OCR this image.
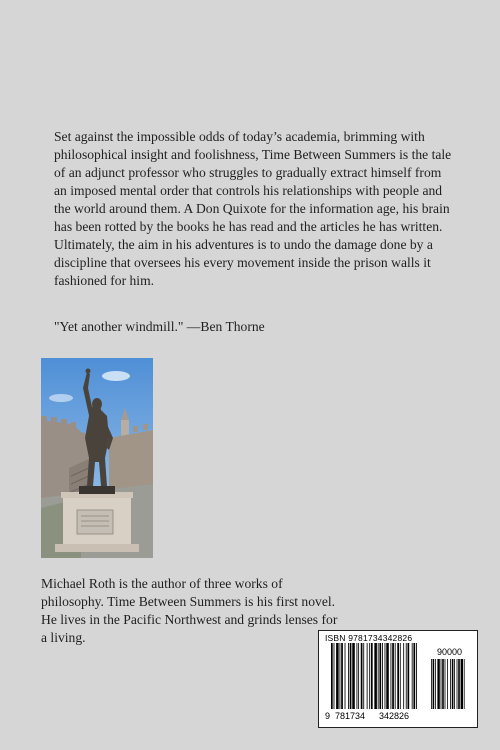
Set against the impossible odds of today’s academia, brimming with philosophical insight and foolishness, Time Between Summers is the tale of an adjunct professor who struggles to gradually extract himself from an imposed mental order that controls his relationships with people and the world around them. A Don Quixote for the information age, his brain has been rotted by the books he has read and the articles he has written. Ultimately, the aim in his adventures is to undo the damage done by a discipline that oversees his every movement inside the prison walls it fashioned for him.

"Yet another windmill." —Ben Thorne

Michael Roth is the author of three works of philosophy. Time Between Summers is his first novel. He lives in the Pacific Northwest and grinds lenses for a living.

9 781734 342826
90000
ISBN 9781734342826
